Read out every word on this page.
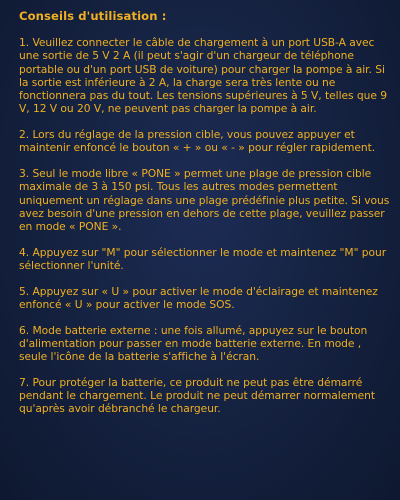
Conseils d'utilisation :

1. Veuillez connecter le câble de chargement à un port USB-A avec une sortie de 5 V 2 A (il peut s'agir d'un chargeur de téléphone portable ou d'un port USB de voiture) pour charger la pompe à air. Si la sortie est inférieure à 2 A, la charge sera très lente ou ne fonctionnera pas du tout. Les tensions supérieures à 5 V, telles que 9 V, 12 V ou 20 V, ne peuvent pas charger la pompe à air.

2. Lors du réglage de la pression cible, vous pouvez appuyer et maintenir enfoncé le bouton « + » ou « - » pour régler rapidement.

3. Seul le mode libre « PONE » permet une plage de pression cible maximale de 3 à 150 psi. Tous les autres modes permettent uniquement un réglage dans une plage prédéfinie plus petite. Si vous avez besoin d'une pression en dehors de cette plage, veuillez passer en mode « PONE ».

4. Appuyez sur "M" pour sélectionner le mode et maintenez "M" pour sélectionner l'unité.

5. Appuyez sur « U » pour activer le mode d'éclairage et maintenez enfoncé « U » pour activer le mode SOS.

6. Mode batterie externe : une fois allumé, appuyez sur le bouton d'alimentation pour passer en mode batterie externe. En mode , seule l'icône de la batterie s'affiche à l'écran.

7. Pour protéger la batterie, ce produit ne peut pas être démarré pendant le chargement. Le produit ne peut démarrer normalement qu'après avoir débranché le chargeur.
